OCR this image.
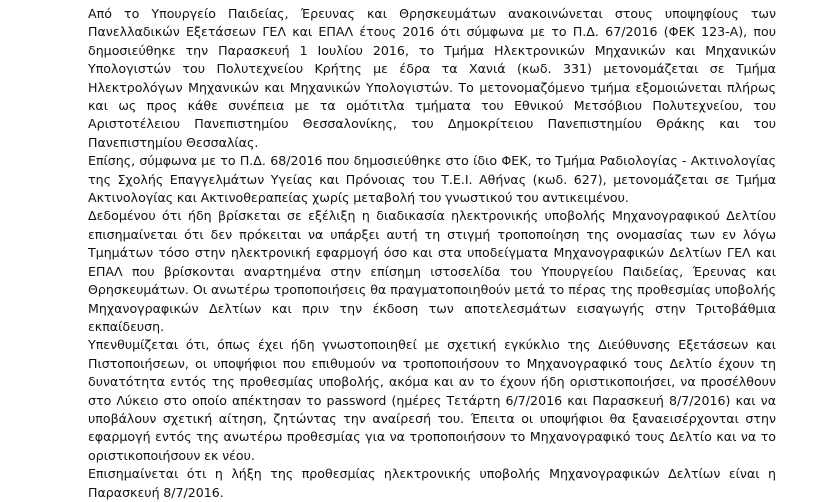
Από το Υπουργείο Παιδείας, Έρευνας και Θρησκευμάτων ανακοινώνεται στους υποψηφίους των Πανελλαδικών Εξετάσεων ΓΕΛ και ΕΠΑΛ έτους 2016 ότι σύμφωνα με το Π.Δ. 67/2016 (ΦΕΚ 123-Α), που δημοσιεύθηκε την Παρασκευή 1 Ιουλίου 2016, το Τμήμα Ηλεκτρονικών Μηχανικών και Μηχανικών Υπολογιστών του Πολυτεχνείου Κρήτης με έδρα τα Χανιά (κωδ. 331) μετονομάζεται σε Τμήμα Ηλεκτρολόγων Μηχανικών και Μηχανικών Υπολογιστών. Το μετονομαζόμενο τμήμα εξομοιώνεται πλήρως και ως προς κάθε συνέπεια με τα ομότιτλα τμήματα του Εθνικού Μετσόβιου Πολυτεχνείου, του Αριστοτέλειου Πανεπιστημίου Θεσσαλονίκης, του Δημοκρίτειου Πανεπιστημίου Θράκης και του Πανεπιστημίου Θεσσαλίας.

Επίσης, σύμφωνα με το Π.Δ. 68/2016 που δημοσιεύθηκε στο ίδιο ΦΕΚ, το Τμήμα Ραδιολογίας - Ακτινολογίας της Σχολής Επαγγελμάτων Υγείας και Πρόνοιας του Τ.Ε.Ι. Αθήνας (κωδ. 627), μετονομάζεται σε Τμήμα Ακτινολογίας και Ακτινοθεραπείας χωρίς μεταβολή του γνωστικού του αντικειμένου.

Δεδομένου ότι ήδη βρίσκεται σε εξέλιξη η διαδικασία ηλεκτρονικής υποβολής Μηχανογραφικού Δελτίου επισημαίνεται ότι δεν πρόκειται να υπάρξει αυτή τη στιγμή τροποποίηση της ονομασίας των εν λόγω Τμημάτων τόσο στην ηλεκτρονική εφαρμογή όσο και στα υποδείγματα Μηχανογραφικών Δελτίων ΓΕΛ και ΕΠΑΛ που βρίσκονται αναρτημένα στην επίσημη ιστοσελίδα του Υπουργείου Παιδείας, Έρευνας και Θρησκευμάτων. Οι ανωτέρω τροποποιήσεις θα πραγματοποιηθούν μετά το πέρας της προθεσμίας υποβολής Μηχανογραφικών Δελτίων και πριν την έκδοση των αποτελεσμάτων εισαγωγής στην Τριτοβάθμια εκπαίδευση.

Υπενθυμίζεται ότι, όπως έχει ήδη γνωστοποιηθεί με σχετική εγκύκλιο της Διεύθυνσης Εξετάσεων και Πιστοποιήσεων, οι υποψήφιοι που επιθυμούν να τροποποιήσουν το Μηχανογραφικό τους Δελτίο έχουν τη δυνατότητα εντός της προθεσμίας υποβολής, ακόμα και αν το έχουν ήδη οριστικοποιήσει, να προσέλθουν στο Λύκειο στο οποίο απέκτησαν το password (ημέρες Τετάρτη 6/7/2016 και Παρασκευή 8/7/2016) και να υποβάλουν σχετική αίτηση, ζητώντας την αναίρεσή του. Έπειτα οι υποψήφιοι θα ξαναεισέρχονται στην εφαρμογή εντός της ανωτέρω προθεσμίας για να τροποποιήσουν το Μηχανογραφικό τους Δελτίο και να το οριστικοποιήσουν εκ νέου.

Επισημαίνεται ότι η λήξη της προθεσμίας ηλεκτρονικής υποβολής Μηχανογραφικών Δελτίων είναι η Παρασκευή 8/7/2016.
